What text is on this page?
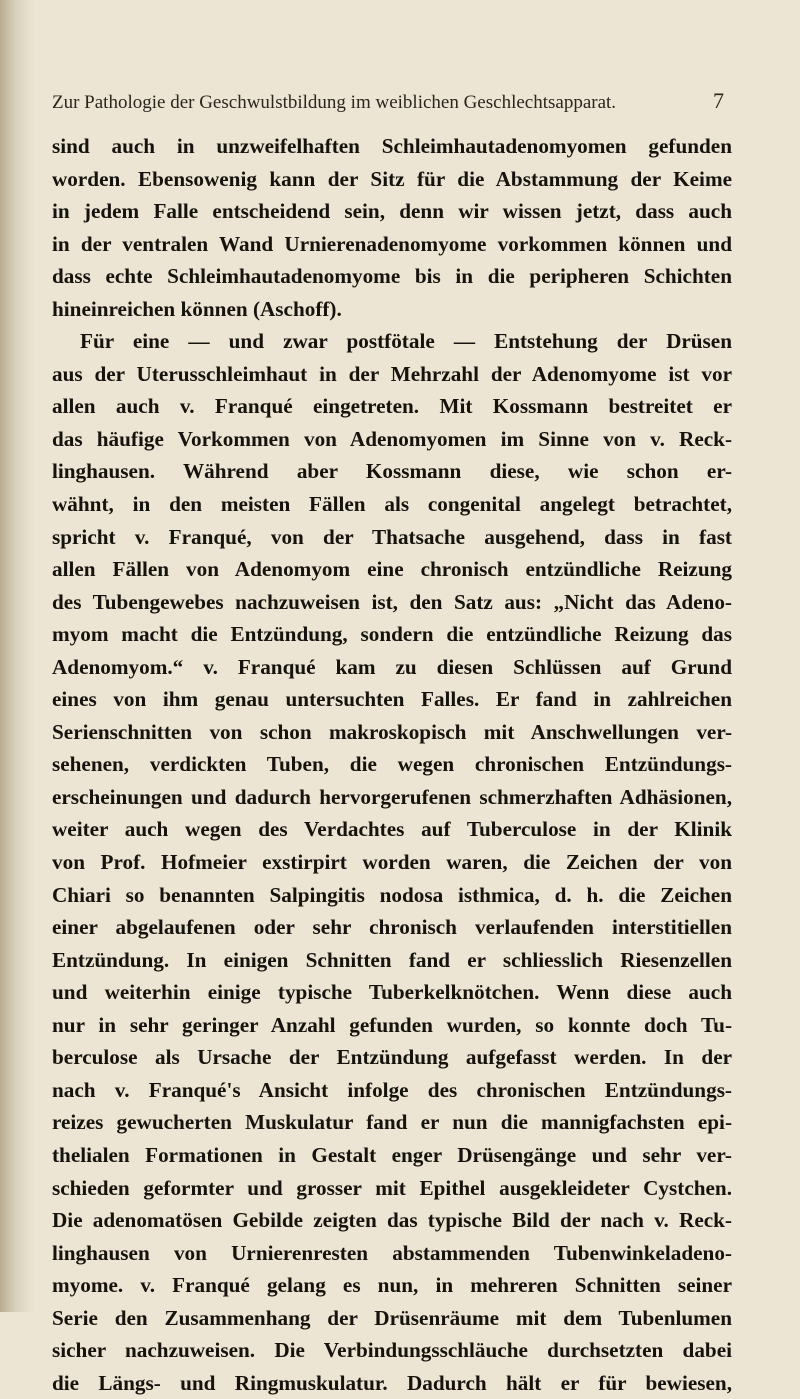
Zur Pathologie der Geschwulstbildung im weiblichen Geschlechtsapparat.	7
sind auch in unzweifelhaften Schleimhautadenomyomen gefunden
worden. Ebensowenig kann der Sitz für die Abstammung der Keime
in jedem Falle entscheidend sein, denn wir wissen jetzt, dass auch
in der ventralen Wand Urnierenadenomyome vorkommen können und
dass echte Schleimhautadenomyome bis in die peripheren Schichten
hineinreichen können (Aschoff).
Für eine — und zwar postfötale — Entstehung der Drüsen
aus der Uterusschleimhaut in der Mehrzahl der Adenomyome ist vor
allen auch v. Franqué eingetreten. Mit Kossmann bestreitet er
das häufige Vorkommen von Adenomyomen im Sinne von v. Reck-
linghausen. Während aber Kossmann diese, wie schon er-
wähnt, in den meisten Fällen als congenital angelegt betrachtet,
spricht v. Franqué, von der Thatsache ausgehend, dass in fast
allen Fällen von Adenomyom eine chronisch entzündliche Reizung
des Tubengewebes nachzuweisen ist, den Satz aus: „Nicht das Adeno-
myom macht die Entzündung, sondern die entzündliche Reizung das
Adenomyom.“ v. Franqué kam zu diesen Schlüssen auf Grund
eines von ihm genau untersuchten Falles. Er fand in zahlreichen
Serienschnitten von schon makroskopisch mit Anschwellungen ver-
sehenen, verdickten Tuben, die wegen chronischen Entzündungs-
erscheinungen und dadurch hervorgerufenen schmerzhaften Adhäsionen,
weiter auch wegen des Verdachtes auf Tuberculose in der Klinik
von Prof. Hofmeier exstirpirt worden waren, die Zeichen der von
Chiari so benannten Salpingitis nodosa isthmica, d. h. die Zeichen
einer abgelaufenen oder sehr chronisch verlaufenden interstitiellen
Entzündung. In einigen Schnitten fand er schliesslich Riesenzellen
und weiterhin einige typische Tuberkelknötchen. Wenn diese auch
nur in sehr geringer Anzahl gefunden wurden, so konnte doch Tu-
berculose als Ursache der Entzündung aufgefasst werden. In der
nach v. Franqué's Ansicht infolge des chronischen Entzündungs-
reizes gewucherten Muskulatur fand er nun die mannigfachsten epi-
thelialen Formationen in Gestalt enger Drüsengänge und sehr ver-
schieden geformter und grosser mit Epithel ausgekleideter Cystchen.
Die adenomatösen Gebilde zeigten das typische Bild der nach v. Reck-
linghausen von Urnierenresten abstammenden Tubenwinkeladeno-
myome. v. Franqué gelang es nun, in mehreren Schnitten seiner
Serie den Zusammenhang der Drüsenräume mit dem Tubenlumen
sicher nachzuweisen. Die Verbindungsschläuche durchsetzten dabei
die Längs- und Ringmuskulatur. Dadurch hält er für bewiesen,
